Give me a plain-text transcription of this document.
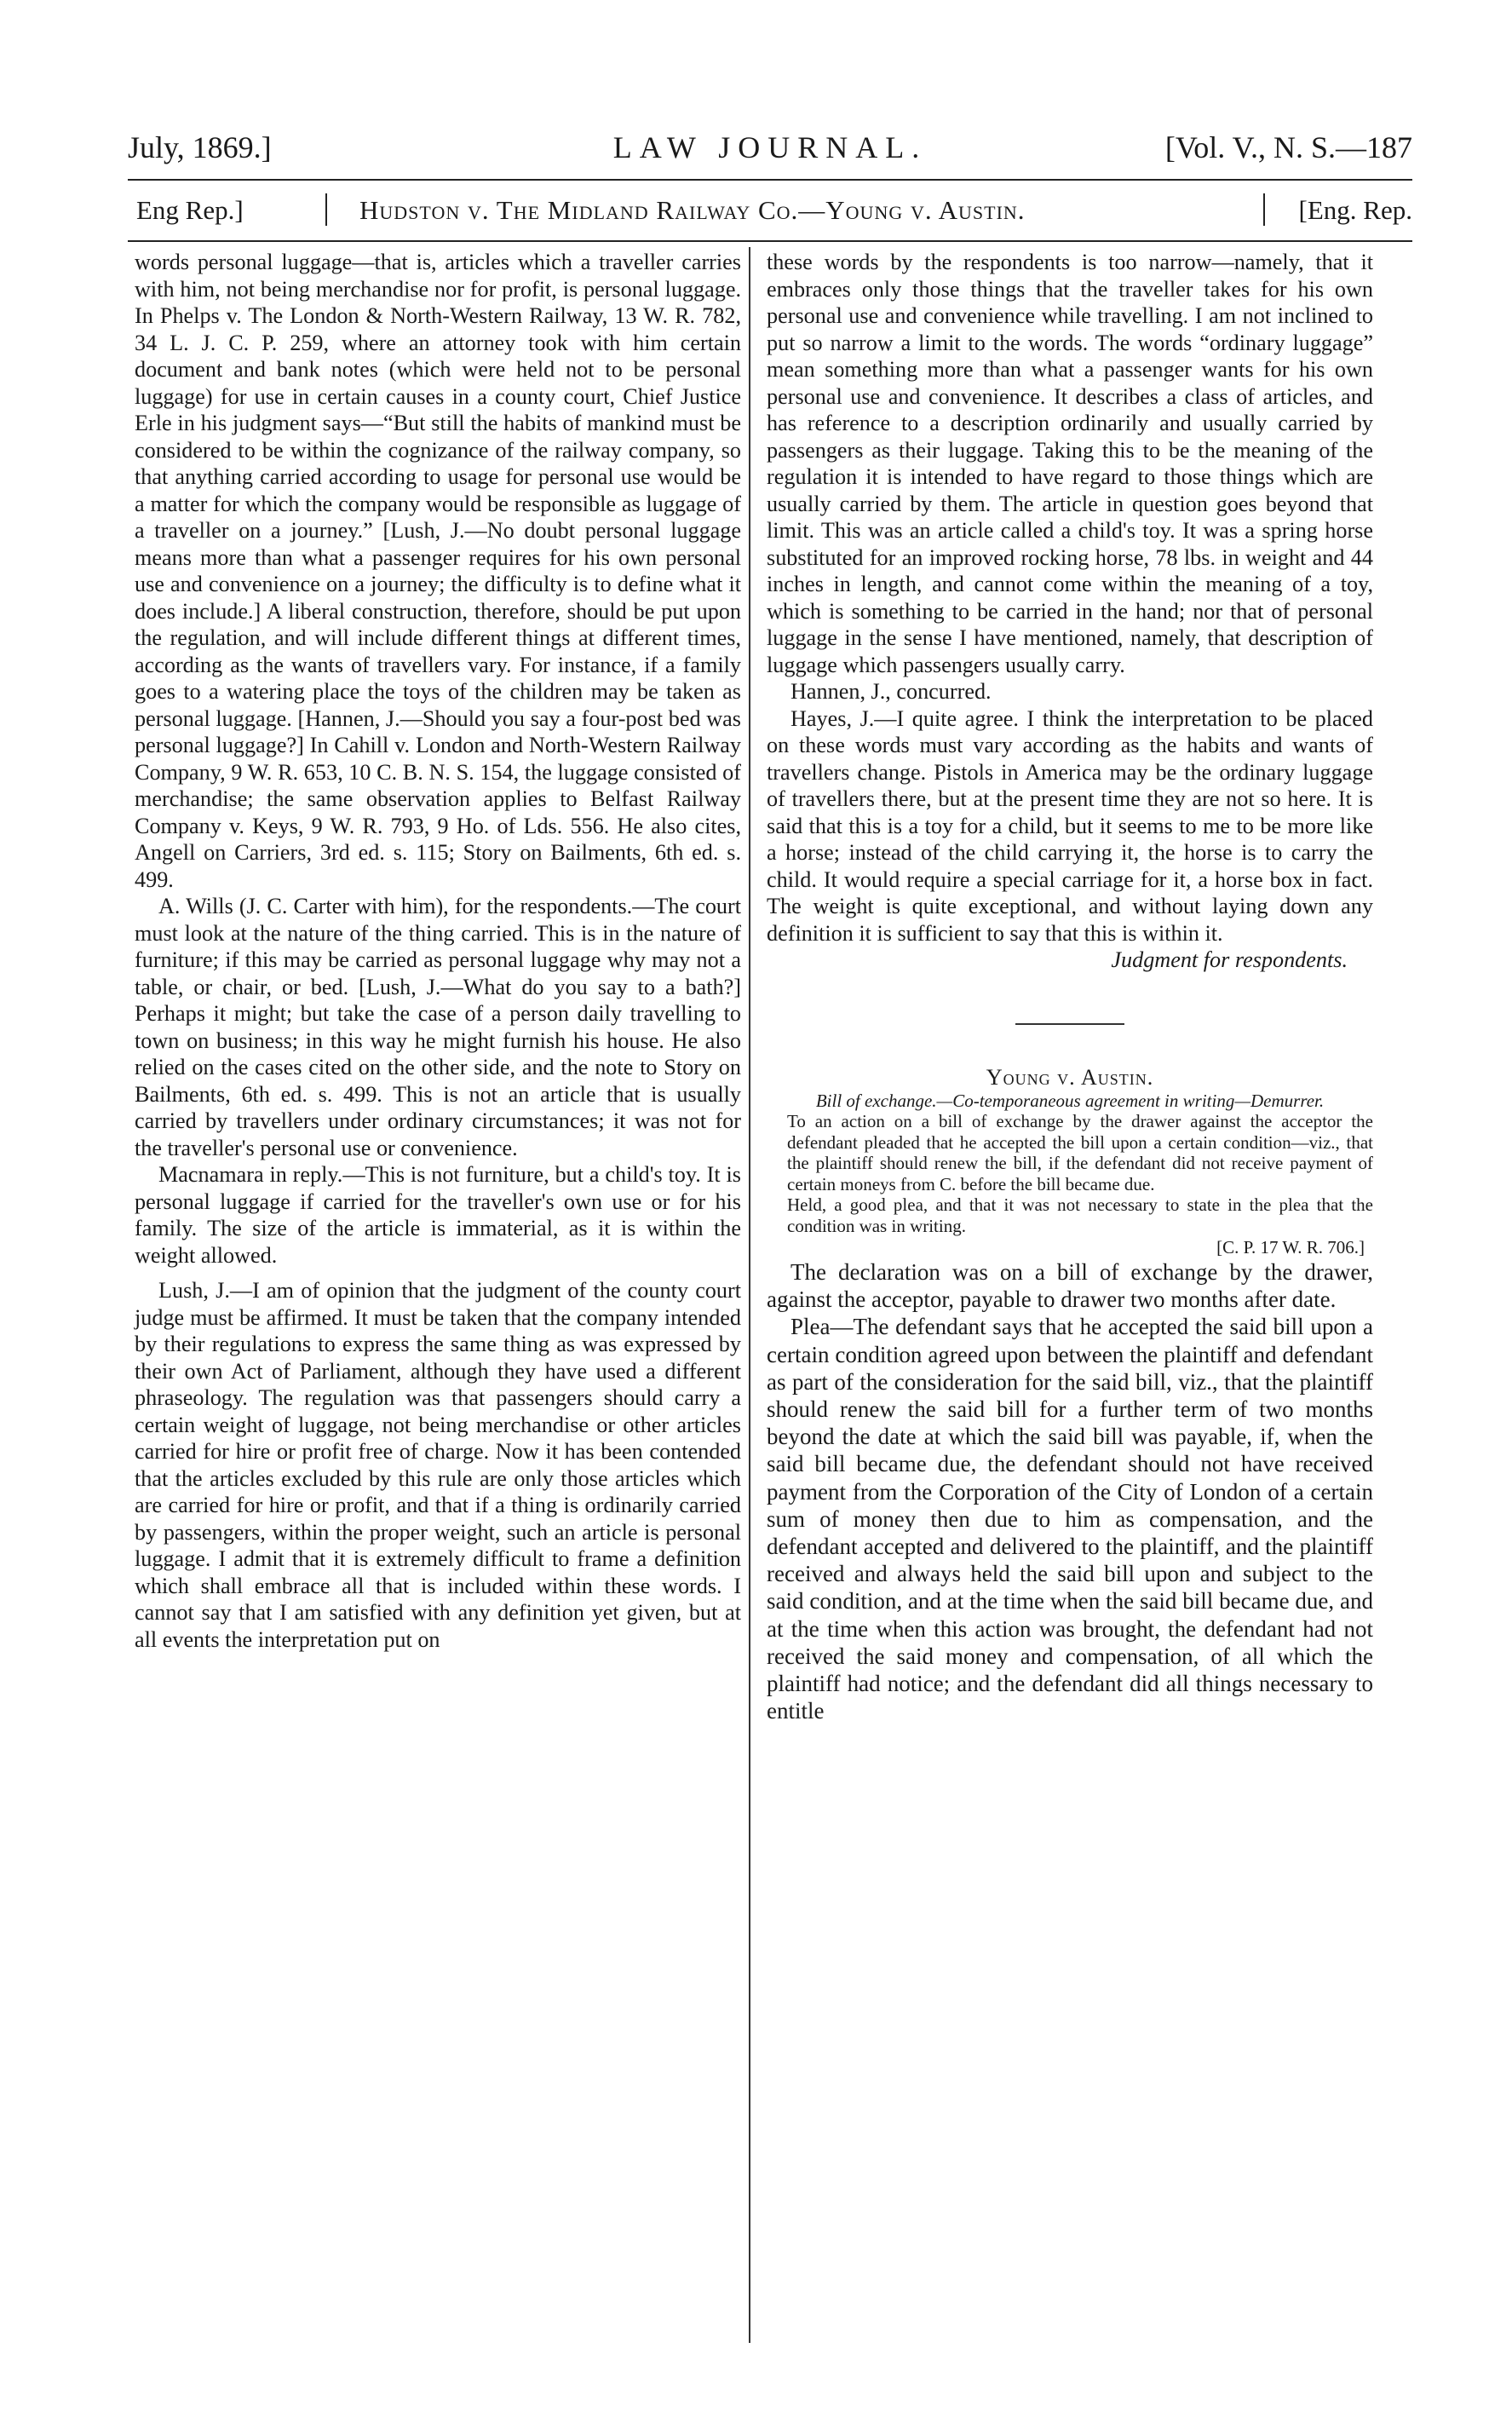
July, 1869.]	LAW JOURNAL.	[Vol. V., N. S.—187
Eng Rep.]	Hudston v. The Midland Railway Co.—Young v. Austin.	[Eng. Rep.

words personal luggage—that is, articles which a traveller carries with him, not being merchandise nor for profit, is personal luggage. In Phelps v. The London & North-Western Railway, 13 W. R. 782, 34 L. J. C. P. 259, where an attorney took with him certain document and bank notes (which were held not to be personal luggage) for use in certain causes in a county court, Chief Justice Erle in his judgment says—“But still the habits of mankind must be considered to be within the cognizance of the railway company, so that anything carried according to usage for personal use would be a matter for which the company would be responsible as luggage of a traveller on a journey.” [Lush, J.—No doubt personal luggage means more than what a passenger requires for his own personal use and convenience on a journey; the difficulty is to define what it does include.] A liberal construction, therefore, should be put upon the regulation, and will include different things at different times, according as the wants of travellers vary. For instance, if a family goes to a watering place the toys of the children may be taken as personal luggage. [Hannen, J.—Should you say a four-post bed was personal luggage?] In Cahill v. London and North-Western Railway Company, 9 W. R. 653, 10 C. B. N. S. 154, the luggage consisted of merchandise; the same observation applies to Belfast Railway Company v. Keys, 9 W. R. 793, 9 Ho. of Lds. 556. He also cites, Angell on Carriers, 3rd ed. s. 115; Story on Bailments, 6th ed. s. 499.

A. Wills (J. C. Carter with him), for the respondents.—The court must look at the nature of the thing carried. This is in the nature of furniture; if this may be carried as personal luggage why may not a table, or chair, or bed. [Lush, J.—What do you say to a bath?] Perhaps it might; but take the case of a person daily travelling to town on business; in this way he might furnish his house. He also relied on the cases cited on the other side, and the note to Story on Bailments, 6th ed. s. 499. This is not an article that is usually carried by travellers under ordinary circumstances; it was not for the traveller's personal use or convenience.

Macnamara in reply.—This is not furniture, but a child's toy. It is personal luggage if carried for the traveller's own use or for his family. The size of the article is immaterial, as it is within the weight allowed.

Lush, J.—I am of opinion that the judgment of the county court judge must be affirmed. It must be taken that the company intended by their regulations to express the same thing as was expressed by their own Act of Parliament, although they have used a different phraseology. The regulation was that passengers should carry a certain weight of luggage, not being merchandise or other articles carried for hire or profit free of charge. Now it has been contended that the articles excluded by this rule are only those articles which are carried for hire or profit, and that if a thing is ordinarily carried by passengers, within the proper weight, such an article is personal luggage. I admit that it is extremely difficult to frame a definition which shall embrace all that is included within these words. I cannot say that I am satisfied with any definition yet given, but at all events the interpretation put on

these words by the respondents is too narrow—namely, that it embraces only those things that the traveller takes for his own personal use and convenience while travelling. I am not inclined to put so narrow a limit to the words. The words “ordinary luggage” mean something more than what a passenger wants for his own personal use and convenience. It describes a class of articles, and has reference to a description ordinarily and usually carried by passengers as their luggage. Taking this to be the meaning of the regulation it is intended to have regard to those things which are usually carried by them. The article in question goes beyond that limit. This was an article called a child's toy. It was a spring horse substituted for an improved rocking horse, 78 lbs. in weight and 44 inches in length, and cannot come within the meaning of a toy, which is something to be carried in the hand; nor that of personal luggage in the sense I have mentioned, namely, that description of luggage which passengers usually carry.

Hannen, J., concurred.

Hayes, J.—I quite agree. I think the interpretation to be placed on these words must vary according as the habits and wants of travellers change. Pistols in America may be the ordinary luggage of travellers there, but at the present time they are not so here. It is said that this is a toy for a child, but it seems to me to be more like a horse; instead of the child carrying it, the horse is to carry the child. It would require a special carriage for it, a horse box in fact. The weight is quite exceptional, and without laying down any definition it is sufficient to say that this is within it.

Judgment for respondents.

Young v. Austin.

Bill of exchange.—Co-temporaneous agreement in writing—Demurrer.

To an action on a bill of exchange by the drawer against the acceptor the defendant pleaded that he accepted the bill upon a certain condition—viz., that the plaintiff should renew the bill, if the defendant did not receive payment of certain moneys from C. before the bill became due.

Held, a good plea, and that it was not necessary to state in the plea that the condition was in writing.

[C. P. 17 W. R. 706.]

The declaration was on a bill of exchange by the drawer, against the acceptor, payable to drawer two months after date.

Plea—The defendant says that he accepted the said bill upon a certain condition agreed upon between the plaintiff and defendant as part of the consideration for the said bill, viz., that the plaintiff should renew the said bill for a further term of two months beyond the date at which the said bill was payable, if, when the said bill became due, the defendant should not have received payment from the Corporation of the City of London of a certain sum of money then due to him as compensation, and the defendant accepted and delivered to the plaintiff, and the plaintiff received and always held the said bill upon and subject to the said condition, and at the time when the said bill became due, and at the time when this action was brought, the defendant had not received the said money and compensation, of all which the plaintiff had notice; and the defendant did all things necessary to entitle
